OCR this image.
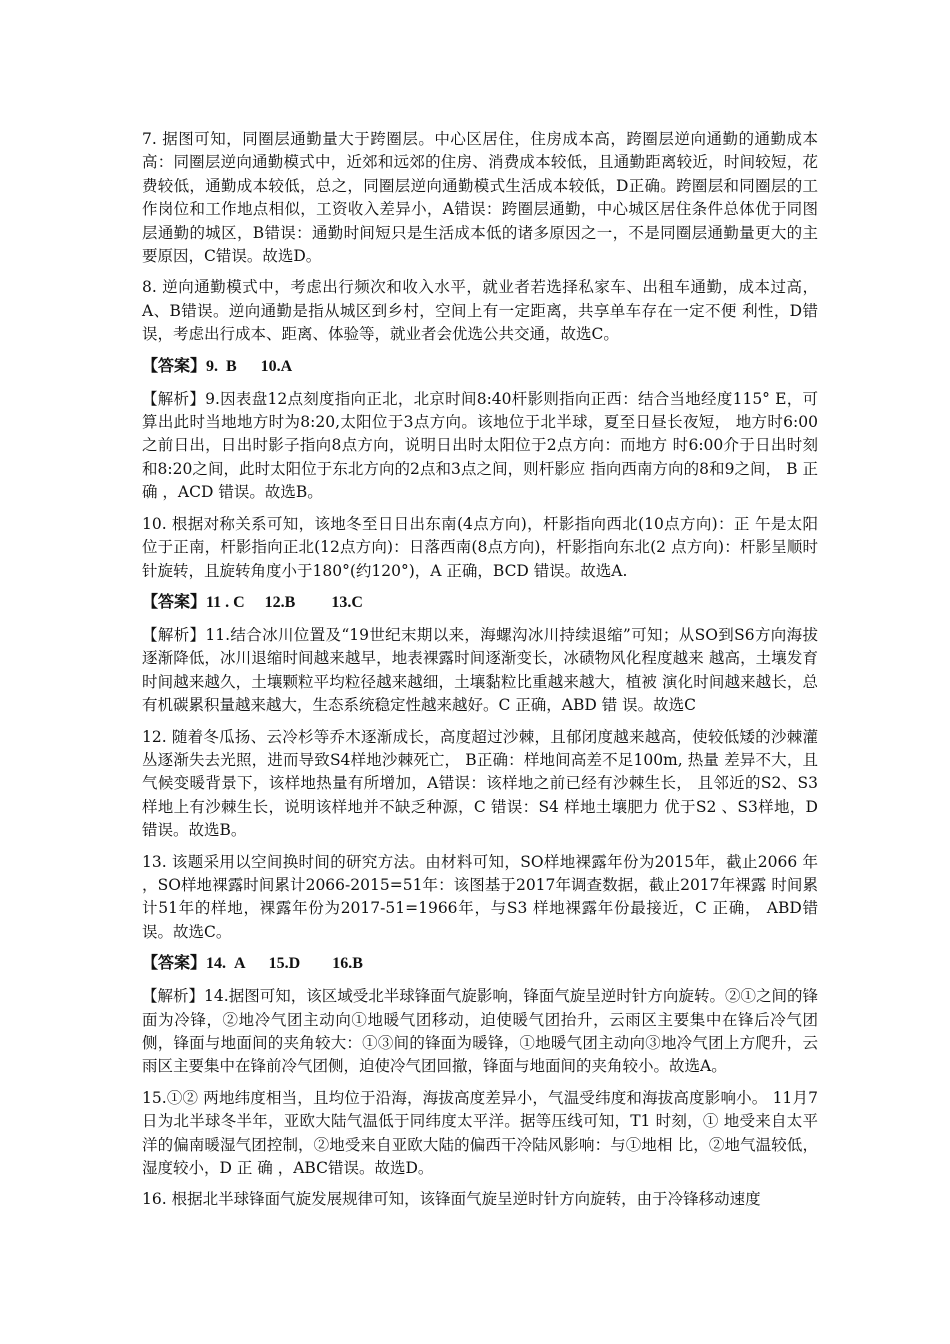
7. 据图可知，同圈层通勤量大于跨圈层。中心区居住，住房成本高，跨圈层逆向通勤的通勤成本高：同圈层逆向通勤模式中，近郊和远郊的住房、消费成本较低，且通勤距离较近，时间较短，花费较低，通勤成本较低，总之，同圈层逆向通勤模式生活成本较低，D正确。跨圈层和同圈层的工作岗位和工作地点相似，工资收入差异小，A错误：跨圈层通勤，中心城区居住条件总体优于同图层通勤的城区，B错误：通勤时间短只是生活成本低的诸多原因之一，不是同圈层通勤量更大的主要原因，C错误。故选D。

8. 逆向通勤模式中，考虑出行频次和收入水平，就业者若选择私家车、出租车通勤，成本过高，A、B错误。逆向通勤是指从城区到乡村，空间上有一定距离，共享单车存在一定不便 利性，D错误，考虑出行成本、距离、体验等，就业者会优选公共交通，故选C。

【答案】9.  B      10.A

【解析】9.因表盘12点刻度指向正北，北京时间8:40杆影则指向正西：结合当地经度115° E，可算出此时当地地方时为8:20,太阳位于3点方向。该地位于北半球，夏至日昼长夜短， 地方时6:00之前日出，日出时影子指向8点方向，说明日出时太阳位于2点方向：而地方 时6:00介于日出时刻和8:20之间，此时太阳位于东北方向的2点和3点之间，则杆影应 指向西南方向的8和9之间， B 正 确 ，ACD 错误。故选B。

10. 根据对称关系可知，该地冬至日日出东南(4点方向)，杆影指向西北(10点方向)：正 午是太阳位于正南，杆影指向正北(12点方向)：日落西南(8点方向)，杆影指向东北(2 点方向)：杆影呈顺时针旋转，且旋转角度小于180°(约120°)，A 正确，BCD 错误。故选A.

【答案】11 . C     12.B         13.C

【解析】11.结合冰川位置及“19世纪末期以来，海螺沟冰川持续退缩”可知；从SO到S6方向海拔逐渐降低，冰川退缩时间越来越早，地表裸露时间逐渐变长，冰碛物风化程度越来 越高，土壤发育时间越来越久，土壤颗粒平均粒径越来越细，土壤黏粒比重越来越大，植被 演化时间越来越长，总有机碳累积量越来越大，生态系统稳定性越来越好。C 正确，ABD 错 误。故选C

12. 随着冬瓜扬、云冷杉等乔木逐渐成长，高度超过沙棘，且郁闭度越来越高，使较低矮的沙棘灌丛逐渐失去光照，进而导致S4样地沙棘死亡， B正确：样地间高差不足100m, 热量 差异不大，且气候变暖背景下，该样地热量有所增加，A错误：该样地之前已经有沙棘生长， 且邻近的S2、S3 样地上有沙棘生长，说明该样地并不缺乏种源，C 错误：S4 样地土壤肥力 优于S2 、S3样地，D错误。故选B。

13. 该题采用以空间换时间的研究方法。由材料可知，SO样地裸露年份为2015年，截止2066 年 ，SO样地裸露时间累计2066-2015=51年：该图基于2017年调查数据，截止2017年裸露 时间累计51年的样地，裸露年份为2017-51=1966年，与S3 样地裸露年份最接近，C 正确， ABD错误。故选C。

【答案】14.  A      15.D        16.B

【解析】14.据图可知，该区域受北半球锋面气旋影响，锋面气旋呈逆时针方向旋转。②①之间的锋面为冷锋，②地冷气团主动向①地暖气团移动，迫使暖气团抬升，云雨区主要集中在锋后冷气团侧，锋面与地面间的夹角较大：①③间的锋面为暖锋，①地暖气团主动向③地冷气团上方爬升，云雨区主要集中在锋前冷气团侧，迫使冷气团回撤，锋面与地面间的夹角较小。故选A。

15.①② 两地纬度相当，且均位于沿海，海拔高度差异小，气温受纬度和海拔高度影响小。 11月7日为北半球冬半年，亚欧大陆气温低于同纬度太平洋。据等压线可知，T1 时刻，① 地受来自太平洋的偏南暖湿气团控制，②地受来自亚欧大陆的偏西干冷陆风影响：与①地相 比，②地气温较低，湿度较小，D 正 确 ，ABC错误。故选D。

16. 根据北半球锋面气旋发展规律可知，该锋面气旋呈逆时针方向旋转，由于冷锋移动速度
